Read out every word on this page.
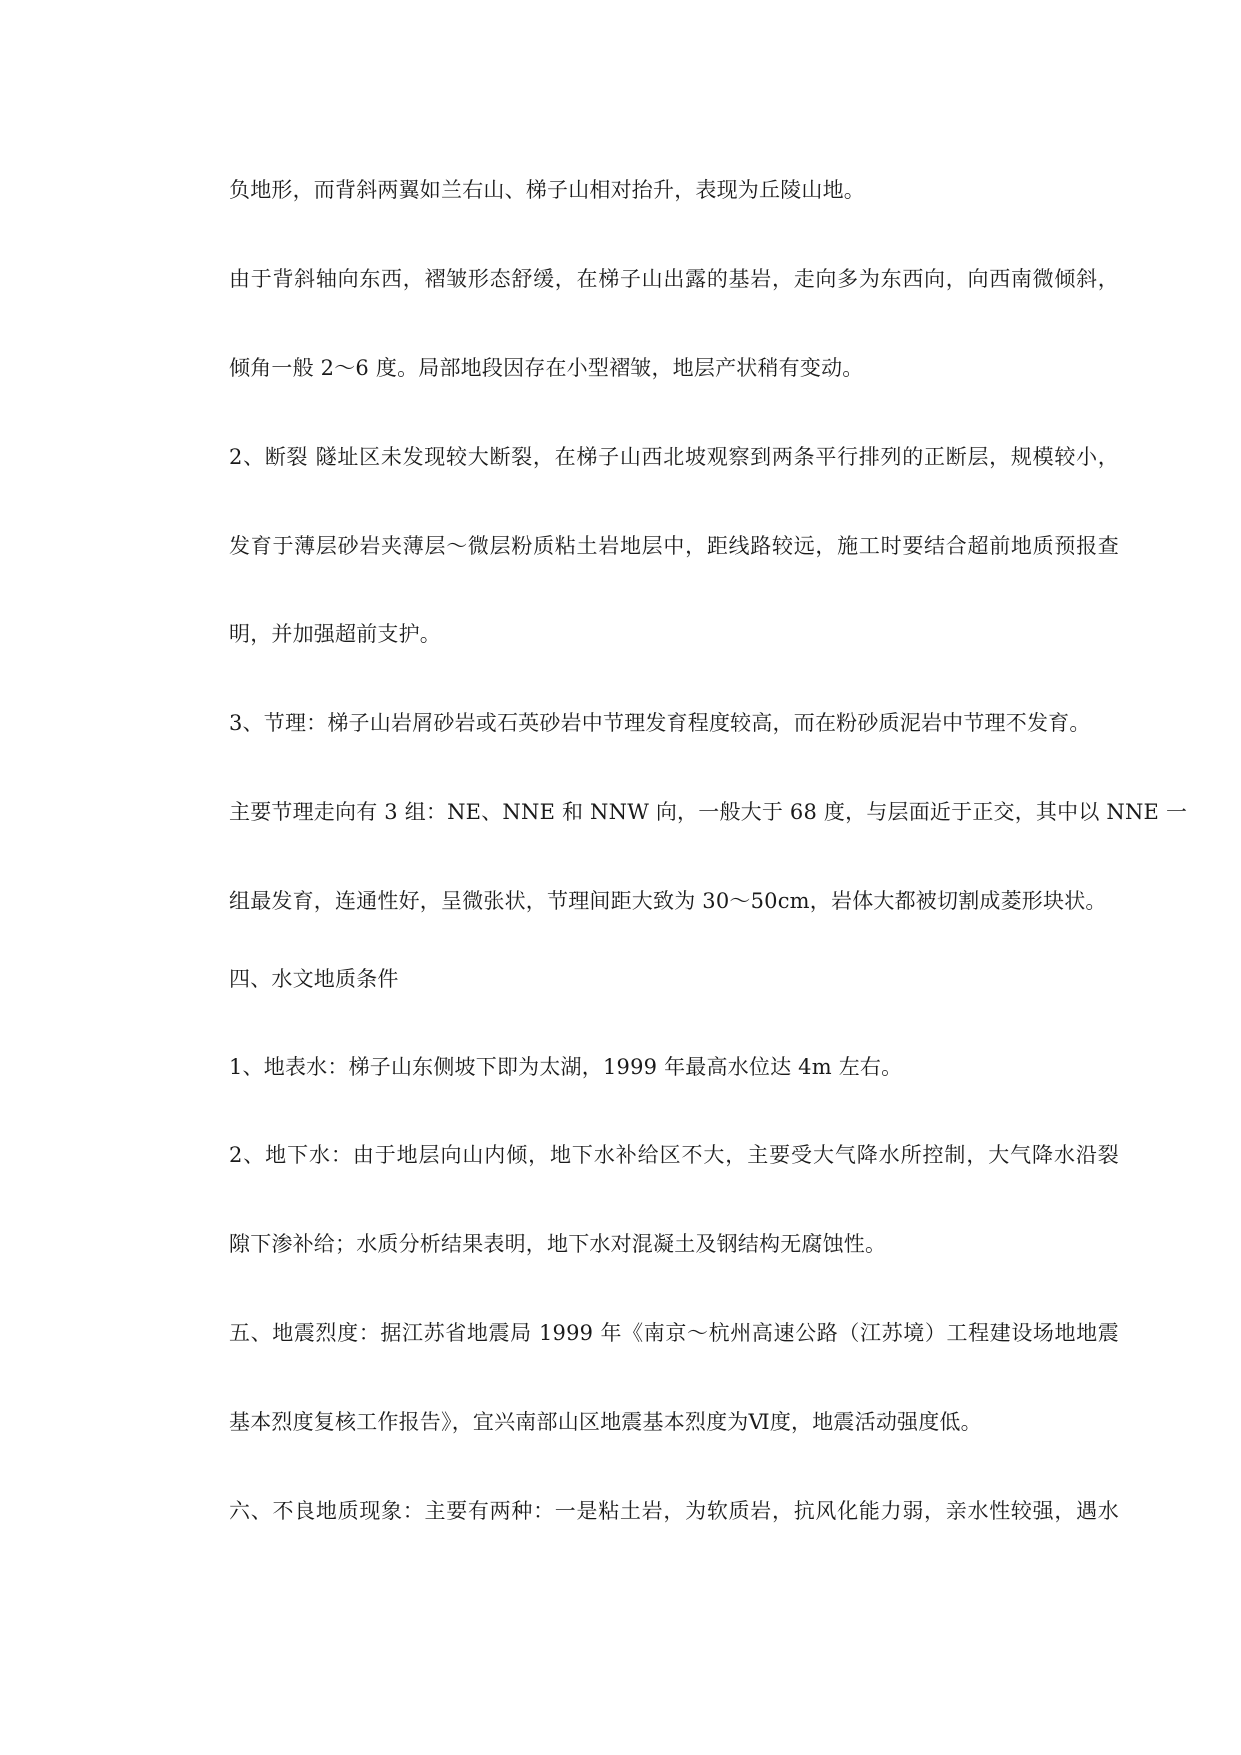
负地形，而背斜两翼如兰右山、梯子山相对抬升，表现为丘陵山地。
由于背斜轴向东西，褶皱形态舒缓，在梯子山出露的基岩，走向多为东西向，向西南微倾斜，
倾角一般 2～6 度。局部地段因存在小型褶皱，地层产状稍有变动。
2、断裂 隧址区未发现较大断裂，在梯子山西北坡观察到两条平行排列的正断层，规模较小，
发育于薄层砂岩夹薄层～微层粉质粘土岩地层中，距线路较远，施工时要结合超前地质预报查
明，并加强超前支护。
3、节理：梯子山岩屑砂岩或石英砂岩中节理发育程度较高，而在粉砂质泥岩中节理不发育。
主要节理走向有 3 组：NE、NNE 和 NNW 向，一般大于 68 度，与层面近于正交，其中以 NNE 一
组最发育，连通性好，呈微张状，节理间距大致为 30～50cm，岩体大都被切割成菱形块状。
四、水文地质条件
1、地表水：梯子山东侧坡下即为太湖，1999 年最高水位达 4m 左右。
2、地下水：由于地层向山内倾，地下水补给区不大，主要受大气降水所控制，大气降水沿裂
隙下渗补给；水质分析结果表明，地下水对混凝土及钢结构无腐蚀性。
五、地震烈度：据江苏省地震局 1999 年《南京～杭州高速公路（江苏境）工程建设场地地震
基本烈度复核工作报告》，宜兴南部山区地震基本烈度为Ⅵ度，地震活动强度低。
六、不良地质现象：主要有两种：一是粘土岩，为软质岩，抗风化能力弱，亲水性较强，遇水
